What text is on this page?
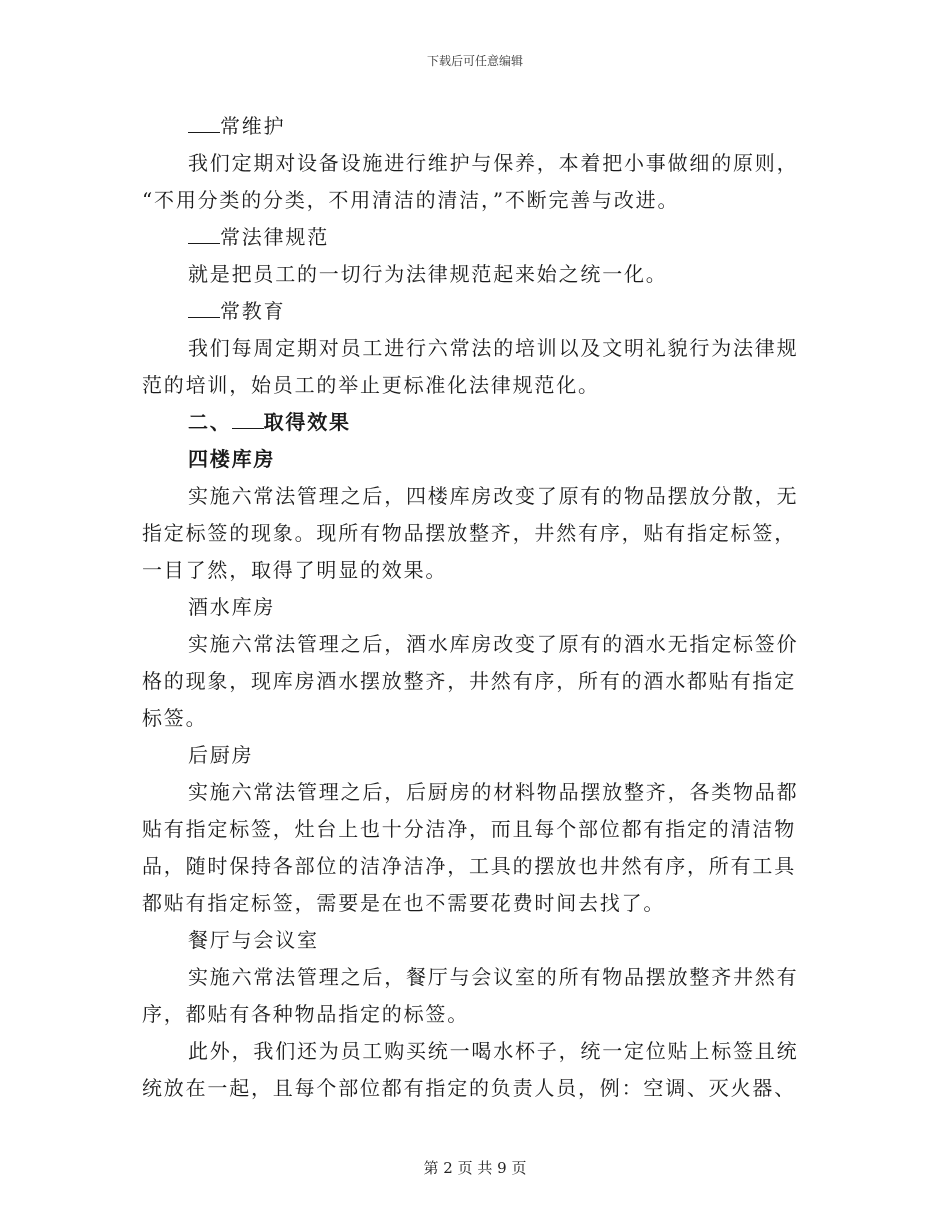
下载后可任意编辑
常维护
我们定期对设备设施进行维护与保养，本着把小事做细的原则，
“不用分类的分类，不用清洁的清洁，”不断完善与改进。
常法律规范
就是把员工的一切行为法律规范起来始之统一化。
常教育
我们每周定期对员工进行六常法的培训以及文明礼貌行为法律规
范的培训，始员工的举止更标准化法律规范化。
二、 取得效果
四楼库房
实施六常法管理之后，四楼库房改变了原有的物品摆放分散，无
指定标签的现象。现所有物品摆放整齐，井然有序，贴有指定标签，
一目了然，取得了明显的效果。
酒水库房
实施六常法管理之后，酒水库房改变了原有的酒水无指定标签价
格的现象，现库房酒水摆放整齐，井然有序，所有的酒水都贴有指定
标签。
后厨房
实施六常法管理之后，后厨房的材料物品摆放整齐，各类物品都
贴有指定标签，灶台上也十分洁净，而且每个部位都有指定的清洁物
品，随时保持各部位的洁净洁净，工具的摆放也井然有序，所有工具
都贴有指定标签，需要是在也不需要花费时间去找了。
餐厅与会议室
实施六常法管理之后，餐厅与会议室的所有物品摆放整齐井然有
序，都贴有各种物品指定的标签。
此外，我们还为员工购买统一喝水杯子，统一定位贴上标签且统
统放在一起，且每个部位都有指定的负责人员，例：空调、灭火器、
第 2 页 共 9 页
